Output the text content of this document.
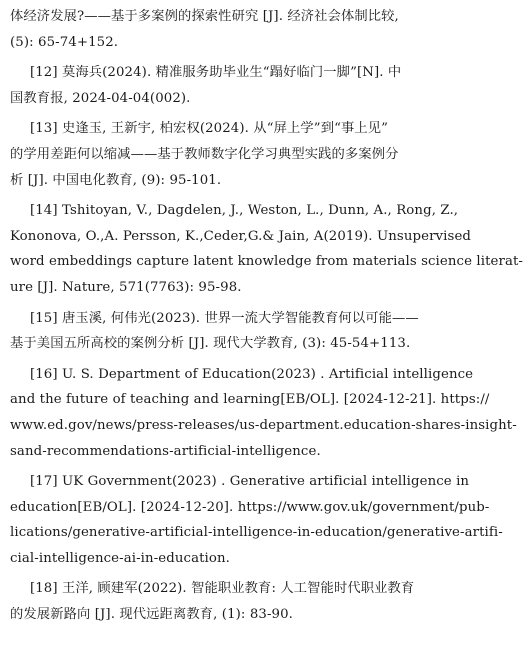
体经济发展?——基于多案例的探索性研究 [J]. 经济社会体制比较,
(5): 65-74+152.
[12] 莫海兵(2024). 精准服务助毕业生“蹋好临门一脚”[N]. 中
国教育报, 2024-04-04(002).
[13] 史逢玉, 王新宇, 柏宏权(2024). 从“屏上学”到“事上见”
的学用差距何以缩减——基于教师数字化学习典型实践的多案例分
析 [J]. 中国电化教育, (9): 95-101.
[14] Tshitoyan, V., Dagdelen, J., Weston, L., Dunn, A., Rong, Z.,
Kononova, O.,A. Persson, K.,Ceder,G.& Jain, A(2019). Unsupervised
word embeddings capture latent knowledge from materials science literat-
ure [J]. Nature, 571(7763): 95-98.
[15] 唐玉溪, 何伟光(2023). 世界一流大学智能教育何以可能——
基于美国五所高校的案例分析 [J]. 现代大学教育, (3): 45-54+113.
[16] U. S. Department of Education(2023) . Artificial intelligence
and the future of teaching and learning[EB/OL]. [2024-12-21]. https://
www.ed.gov/news/press-releases/us-department.education-shares-insight-
sand-recommendations-artificial-intelligence.
[17] UK Government(2023) . Generative artificial intelligence in
education[EB/OL]. [2024-12-20]. https://www.gov.uk/government/pub-
lications/generative-artificial-intelligence-in-education/generative-artifi-
cial-intelligence-ai-in-education.
[18] 王洋, 顾建军(2022). 智能职业教育: 人工智能时代职业教育
的发展新路向 [J]. 现代远距离教育, (1): 83-90.
